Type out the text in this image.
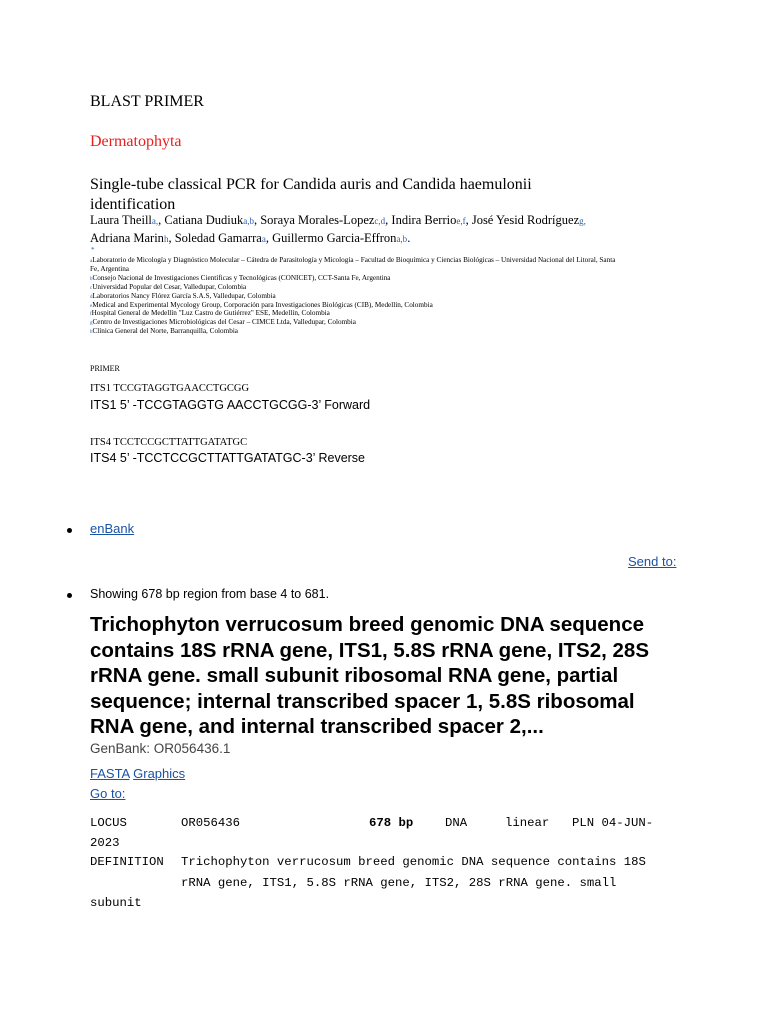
BLAST PRIMER
Dermatophyta
Single-tube classical PCR for Candida auris and Candida haemulonii identification
Laura Theilla,, Catiana Dudiuka,b, Soraya Morales-Lopezc,d, Indira Berrioe,f, José Yesid Rodríguezg,
Adriana Marinh, Soledad Gamarraa, Guillermo Garcia-Effrona,b.
*
aLaboratorio de Micología y Diagnóstico Molecular – Cátedra de Parasitología y Micología – Facultad de Bioquímica y Ciencias Biológicas – Universidad Nacional del Litoral, Santa
Fe, Argentina
bConsejo Nacional de Investigaciones Científicas y Tecnológicas (CONICET), CCT-Santa Fe, Argentina
cUniversidad Popular del Cesar, Valledupar, Colombia
dLaboratorios Nancy Flórez García S.A.S, Valledupar, Colombia
eMedical and Experimental Mycology Group, Corporación para Investigaciones Biológicas (CIB), Medellín, Colombia
fHospital General de Medellín "Luz Castro de Gutiérrez" ESE, Medellín, Colombia
gCentro de Investigaciones Microbiológicas del Cesar – CIMCE Ltda, Valledupar, Colombia
hClínica General del Norte, Barranquilla, Colombia
PRIMER
ITS1 TCCGTAGGTGAACCTGCGG
ITS1 5’ -TCCGTAGGTG AACCTGCGG-3’ Forward
ITS4 TCCTCCGCTTATTGATATGC
ITS4 5’ -TCCTCCGCTTATTGATATGC-3’ Reverse
enBank
Send to:
Showing 678 bp region from base 4 to 681.
Trichophyton verrucosum breed genomic DNA sequence
contains 18S rRNA gene, ITS1, 5.8S rRNA gene, ITS2, 28S
rRNA gene. small subunit ribosomal RNA gene, partial
sequence; internal transcribed spacer 1, 5.8S ribosomal
RNA gene, and internal transcribed spacer 2,...
GenBank: OR056436.1
FASTA Graphics
Go to:
LOCUS	OR056436	678 bp	DNA	linear PLN 04-JUN-
2023
DEFINITION Trichophyton verrucosum breed genomic DNA sequence contains 18S
rRNA gene, ITS1, 5.8S rRNA gene, ITS2, 28S rRNA gene. small
subunit
